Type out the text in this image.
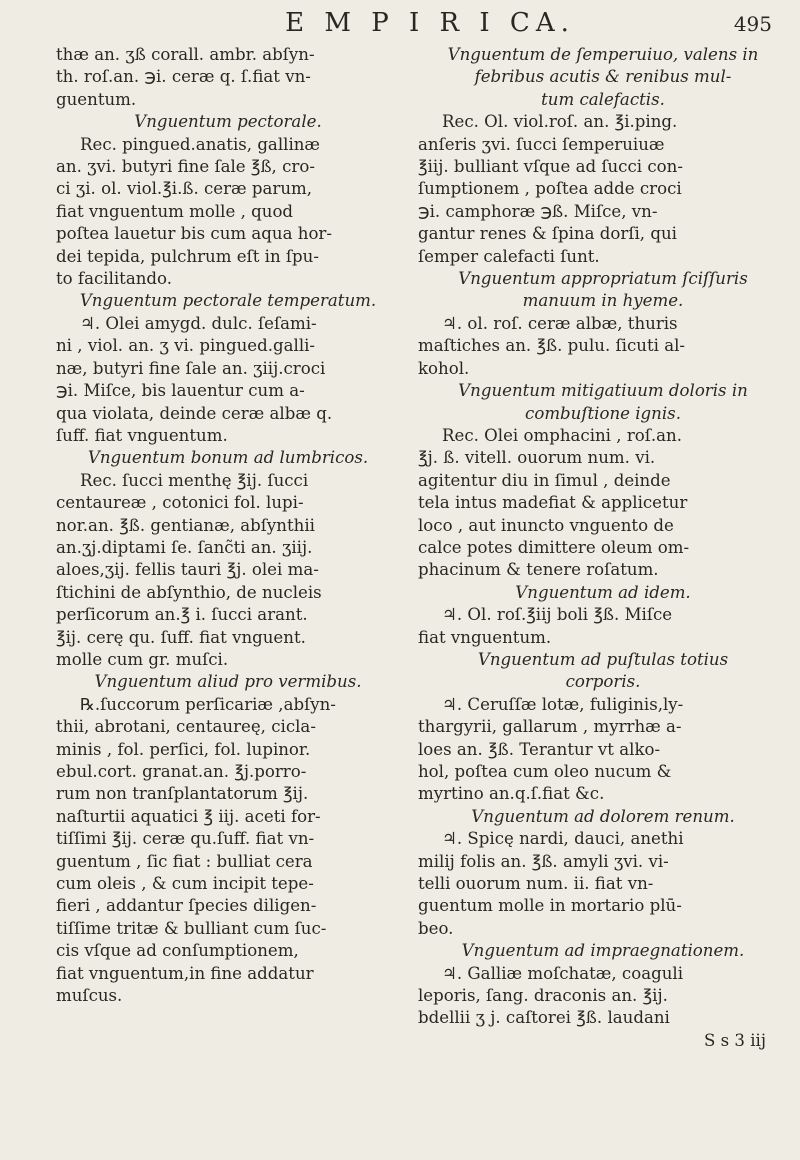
E M P I R I CA.	495

thæ an. ʒß corall. ambr. abſyn-

th. roſ.an. ℈i. ceræ q. ſ.fiat vn-

guentum.

Vnguentum pectorale.

Rec. pingued.anatis, gallinæ

an. ʒvi. butyri fine ſale ℥ß, cro-

ci ʒi. ol. viol.℥i.ß. ceræ parum,

fiat vnguentum molle , quod

poſtea lauetur bis cum aqua hor-

dei tepida, pulchrum eſt in ſpu-

to facilitando.

Vnguentum pectorale temperatum.

♃. Olei amygd. dulc. ſeſami-

ni , viol. an. ʒ vi. pingued.galli-

næ, butyri fine ſale an. ʒiij.croci

℈i. Miſce, bis lauentur cum a-

qua violata, deinde ceræ albæ q.

ſuff. fiat vnguentum.

Vnguentum bonum ad lumbricos.

Rec. ſucci menthę ℥ij. ſucci

centaureæ , cotonici fol. lupi-

nor.an. ℥ß. gentianæ, abſynthii

an.ʒj.diptami ſe. ſanc̃ti an. ʒiij.

aloes,ʒij. fellis tauri ℥j. olei ma-

ſtichini de abſynthio, de nucleis

perſicorum an.℥ i. ſucci arant.

℥ij. cerę qu. ſuff. fiat vnguent.

molle cum gr. muſci.

Vnguentum aliud pro vermibus.

℞.ſuccorum perſicariæ ,abſyn-

thii, abrotani, centaureę, cicla-

minis , fol. perſici, fol. lupinor.

ebul.cort. granat.an. ℥j.porro-

rum non tranſplantatorum ℥ij.

naſturtii aquatici ℥ iij. aceti for-

tiſſimi ℥ij. ceræ qu.ſuff. fiat vn-

guentum , ſic fiat : bulliat cera

cum oleis , & cum incipit tepe-

fieri , addantur ſpecies diligen-

tiſſime tritæ & bulliant cum ſuc-

cis vſque ad conſumptionem,

fiat vnguentum,in fine addatur

muſcus.

Vnguentum de ſemperuiuo, valens in

febribus acutis & renibus mul-

tum calefactis.

Rec. Ol. viol.roſ. an. ℥i.ping.

anſeris ʒvi. ſucci ſemperuiuæ

℥iij. bulliant vſque ad ſucci con-

ſumptionem , poſtea adde croci

℈i. camphoræ ℈ß. Miſce, vn-

gantur renes & ſpina dorſi, qui

ſemper calefacti ſunt.

Vnguentum appropriatum ſciſſuris

manuum in hyeme.

♃. ol. roſ. ceræ albæ, thuris

maſtiches an. ℥ß. pulu. ſicuti al-

kohol.

Vnguentum mitigatiuum doloris in

combuſtione ignis.

Rec. Olei omphacini , roſ.an.

℥j. ß. vitell. ouorum num. vi.

agitentur diu in ſimul , deinde

tela intus madefiat & applicetur

loco , aut inuncto vnguento de

calce potes dimittere oleum om-

phacinum & tenere roſatum.

Vnguentum ad idem.

♃. Ol. roſ.℥iij boli ℥ß. Miſce

fiat vnguentum.

Vnguentum ad puſtulas totius

corporis.

♃. Ceruſſæ lotæ, fuliginis,ly-

thargyrii, gallarum , myrrhæ a-

loes an. ℥ß. Terantur vt alko-

hol, poſtea cum oleo nucum &

myrtino an.q.ſ.fiat &c.

Vnguentum ad dolorem renum.

♃. Spicę nardi, dauci, anethi

milij folis an. ℥ß. amyli ʒvi. vi-

telli ouorum num. ii. fiat vn-

guentum molle in mortario plū-

beo.

Vnguentum ad impraegnationem.

♃. Galliæ moſchatæ, coaguli

leporis, ſang. draconis an. ℥ij.

bdellii ʒ j. caſtorei ℥ß. laudani

S s 3 iij
